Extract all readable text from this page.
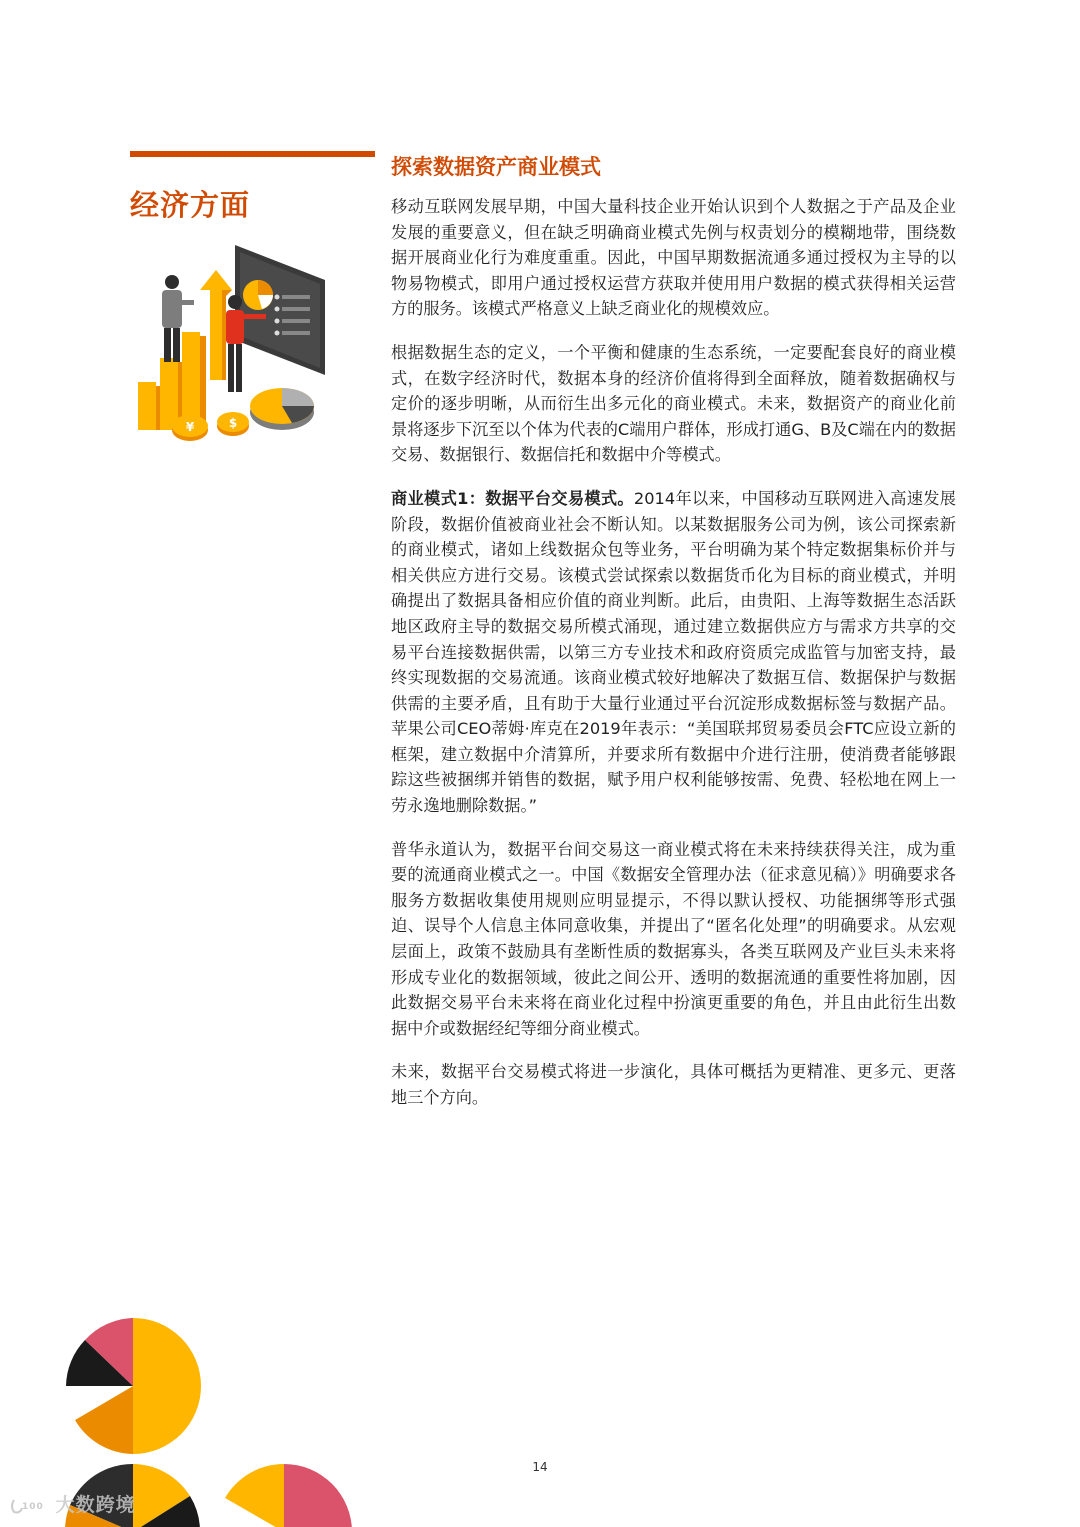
经济方面
¥	$
探索数据资产商业模式

移动互联网发展早期，中国大量科技企业开始认识到个人数据之于产品及企业发展的重要意义，但在缺乏明确商业模式先例与权责划分的模糊地带，围绕数据开展商业化行为难度重重。因此，中国早期数据流通多通过授权为主导的以物易物模式，即用户通过授权运营方获取并使用用户数据的模式获得相关运营方的服务。该模式严格意义上缺乏商业化的规模效应。

根据数据生态的定义，一个平衡和健康的生态系统，一定要配套良好的商业模式，在数字经济时代，数据本身的经济价值将得到全面释放，随着数据确权与定价的逐步明晰，从而衍生出多元化的商业模式。未来，数据资产的商业化前景将逐步下沉至以个体为代表的C端用户群体，形成打通G、B及C端在内的数据交易、数据银行、数据信托和数据中介等模式。

商业模式1：数据平台交易模式。2014年以来，中国移动互联网进入高速发展阶段，数据价值被商业社会不断认知。以某数据服务公司为例，该公司探索新的商业模式，诸如上线数据众包等业务，平台明确为某个特定数据集标价并与相关供应方进行交易。该模式尝试探索以数据货币化为目标的商业模式，并明确提出了数据具备相应价值的商业判断。此后，由贵阳、上海等数据生态活跃地区政府主导的数据交易所模式涌现，通过建立数据供应方与需求方共享的交易平台连接数据供需，以第三方专业技术和政府资质完成监管与加密支持，最终实现数据的交易流通。该商业模式较好地解决了数据互信、数据保护与数据供需的主要矛盾，且有助于大量行业通过平台沉淀形成数据标签与数据产品。苹果公司CEO蒂姆·库克在2019年表示：“美国联邦贸易委员会FTC应设立新的框架，建立数据中介清算所，并要求所有数据中介进行注册，使消费者能够跟踪这些被捆绑并销售的数据，赋予用户权利能够按需、免费、轻松地在网上一劳永逸地删除数据。”

普华永道认为，数据平台间交易这一商业模式将在未来持续获得关注，成为重要的流通商业模式之一。中国《数据安全管理办法（征求意见稿）》明确要求各服务方数据收集使用规则应明显提示，不得以默认授权、功能捆绑等形式强迫、误导个人信息主体同意收集，并提出了“匿名化处理”的明确要求。从宏观层面上，政策不鼓励具有垄断性质的数据寡头，各类互联网及产业巨头未来将形成专业化的数据领域，彼此之间公开、透明的数据流通的重要性将加剧，因此数据交易平台未来将在商业化过程中扮演更重要的角色，并且由此衍生出数据中介或数据经纪等细分商业模式。

未来，数据平台交易模式将进一步演化，具体可概括为更精准、更多元、更落地三个方向。

14
100 大数跨境
